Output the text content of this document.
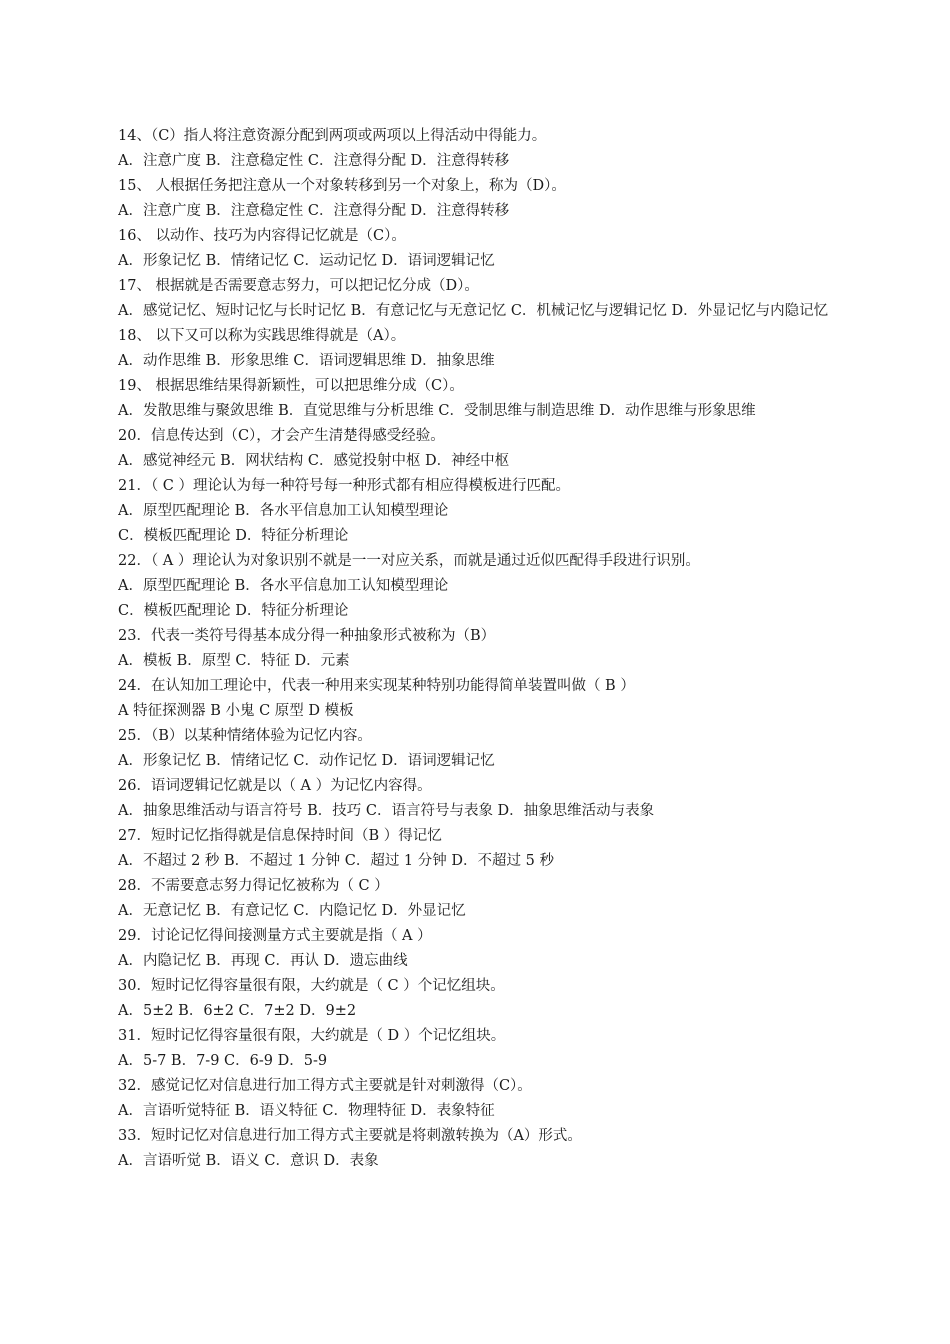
14、（C）指人将注意资源分配到两项或两项以上得活动中得能力。
A．注意广度 B．注意稳定性 C．注意得分配 D．注意得转移
15、 人根据任务把注意从一个对象转移到另一个对象上，称为（D）。
A．注意广度 B．注意稳定性 C．注意得分配 D．注意得转移
16、 以动作、技巧为内容得记忆就是（C）。
A．形象记忆 B．情绪记忆 C．运动记忆 D．语词逻辑记忆
17、 根据就是否需要意志努力，可以把记忆分成（D）。
A．感觉记忆、短时记忆与长时记忆 B．有意记忆与无意记忆 C．机械记忆与逻辑记忆 D．外显记忆与内隐记忆
18、 以下又可以称为实践思维得就是（A）。
A．动作思维 B．形象思维 C．语词逻辑思维 D．抽象思维
19、 根据思维结果得新颖性，可以把思维分成（C）。
A．发散思维与聚敛思维 B．直觉思维与分析思维 C．受制思维与制造思维 D．动作思维与形象思维
20．信息传达到（C），才会产生清楚得感受经验。
A．感觉神经元 B．网状结构 C．感觉投射中枢 D．神经中枢
21．（ C ）理论认为每一种符号每一种形式都有相应得模板进行匹配。
A．原型匹配理论 B．各水平信息加工认知模型理论
C．模板匹配理论 D．特征分析理论
22．（ A ）理论认为对象识别不就是一一对应关系，而就是通过近似匹配得手段进行识别。
A．原型匹配理论 B．各水平信息加工认知模型理论
C．模板匹配理论 D．特征分析理论
23．代表一类符号得基本成分得一种抽象形式被称为（B）
A．模板 B．原型 C．特征 D．元素
24．在认知加工理论中，代表一种用来实现某种特别功能得简单装置叫做（ B ）
A 特征探测器 B 小鬼 C 原型 D 模板
25．（B）以某种情绪体验为记忆内容。
A．形象记忆 B．情绪记忆 C．动作记忆 D．语词逻辑记忆
26．语词逻辑记忆就是以（ A ）为记忆内容得。
A．抽象思维活动与语言符号 B．技巧 C．语言符号与表象 D．抽象思维活动与表象
27．短时记忆指得就是信息保持时间（B ）得记忆
A．不超过 2 秒 B．不超过 1 分钟 C．超过 1 分钟 D．不超过 5 秒
28．不需要意志努力得记忆被称为（ C ）
A．无意记忆 B．有意记忆 C．内隐记忆 D．外显记忆
29．讨论记忆得间接测量方式主要就是指（ A ）
A．内隐记忆 B．再现 C．再认 D．遗忘曲线
30．短时记忆得容量很有限，大约就是（ C ）个记忆组块。
A．5±2 B．6±2 C．7±2 D．9±2
31．短时记忆得容量很有限，大约就是（ D ）个记忆组块。
A．5-7 B．7-9 C．6-9 D．5-9
32．感觉记忆对信息进行加工得方式主要就是针对刺激得（C）。
A．言语听觉特征 B．语义特征 C．物理特征 D．表象特征
33．短时记忆对信息进行加工得方式主要就是将刺激转换为（A）形式。
A．言语听觉 B．语义 C．意识 D．表象
